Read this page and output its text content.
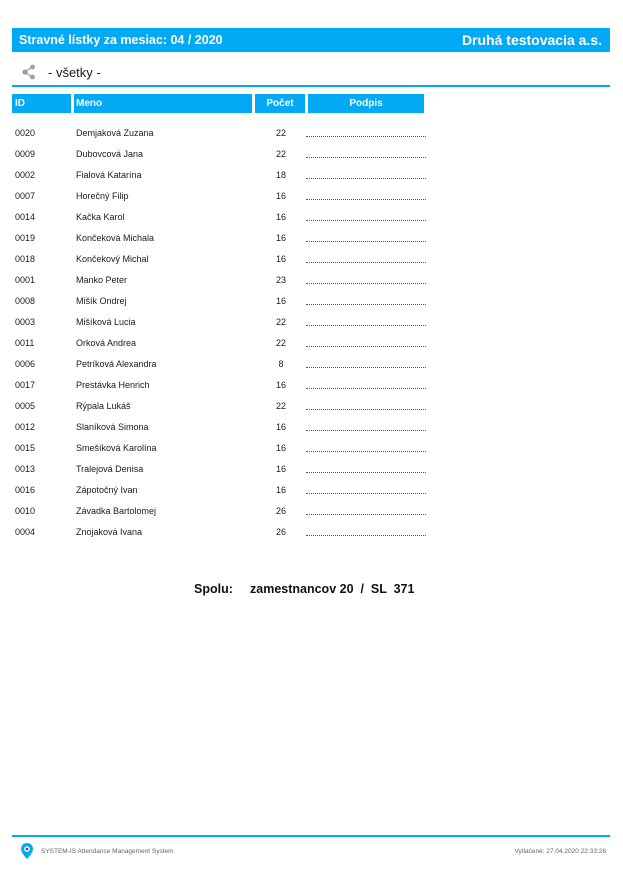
Stravné lístky za mesiac: 04 / 2020	Druhá testovacia a.s.
- všetky -
ID	Meno	Počet	Podpis
0020	Demjaková Zuzana	22
0009	Dubovcová Jana	22
0002	Fialová Katarína	18
0007	Horečný Filip	16
0014	Kačka Karol	16
0019	Končeková Michala	16
0018	Končekový Michal	16
0001	Manko Peter	23
0008	Mišík Ondrej	16
0003	Mišíková Lucia	22
0011	Orková Andrea	22
0006	Petríková Alexandra	8
0017	Prestávka Henrich	16
0005	Rýpala Lukáš	22
0012	Slaníková Simona	16
0015	Smešíková Karolína	16
0013	Tralejová Denisa	16
0016	Zápotočný Ivan	16
0010	Závadka Bartolomej	26
0004	Znojaková Ivana	26
Spolu: zamestnancov 20  /  SL  371
SYSTEM-IS Attendance Management System	Vytlačené: 27.04.2020 22:33:28
